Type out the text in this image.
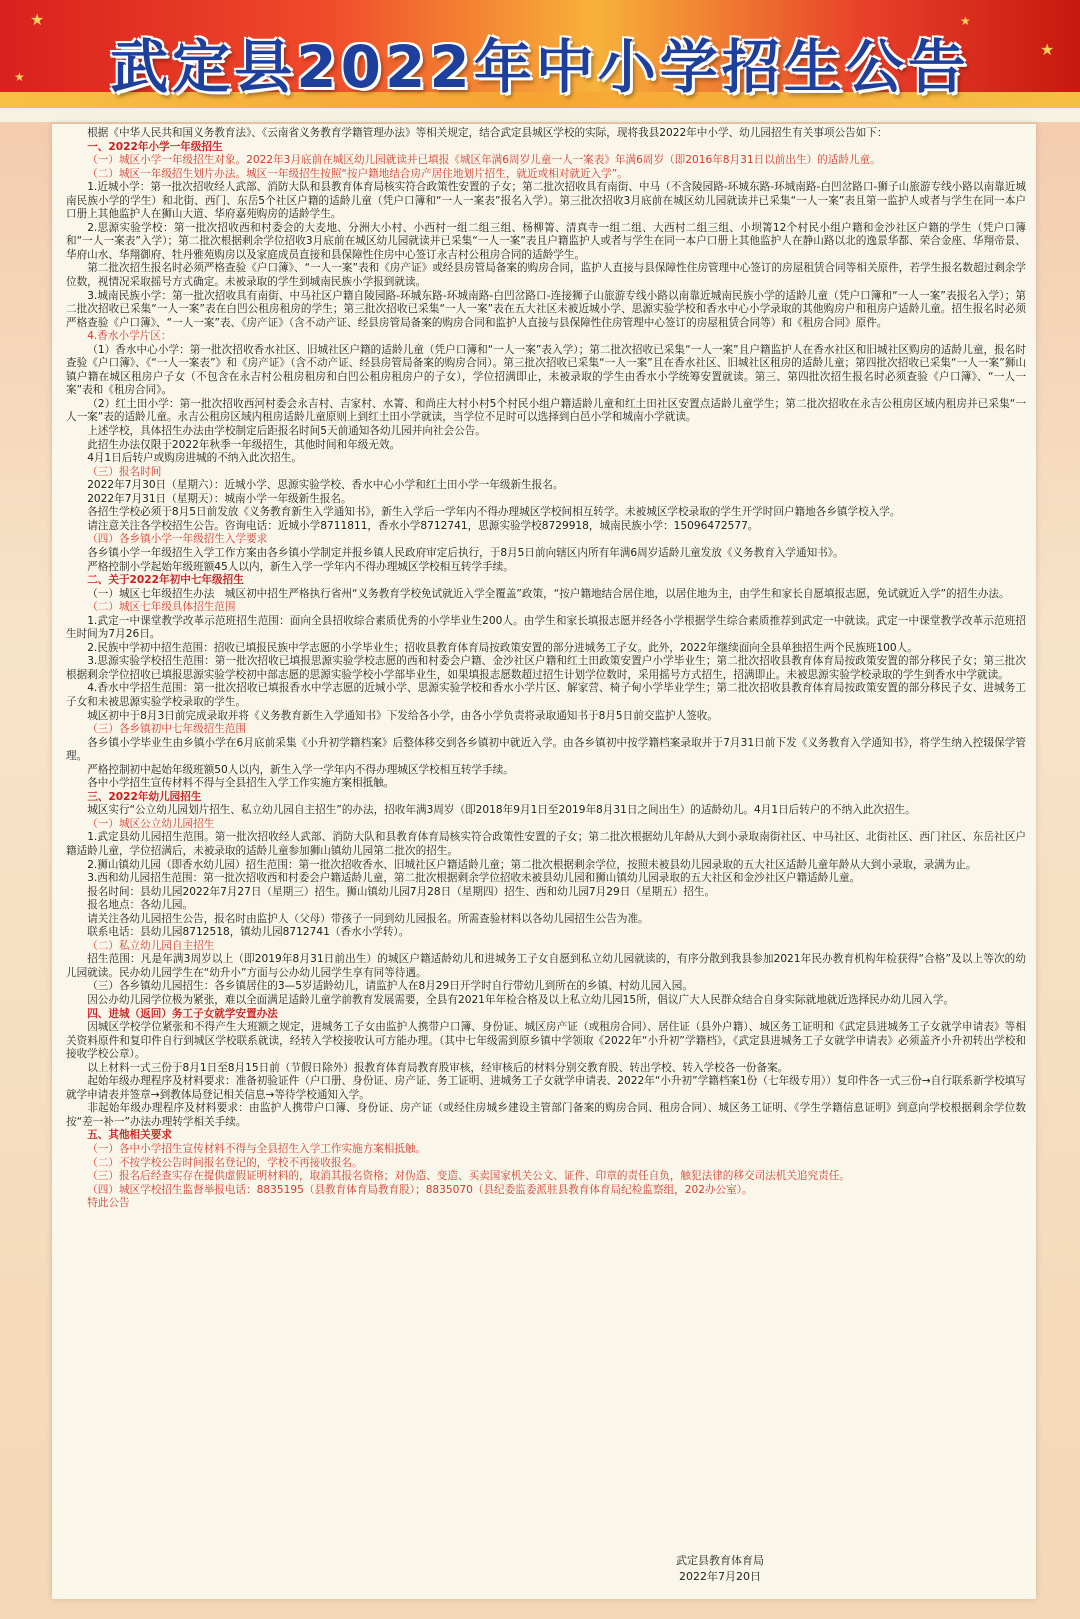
★	★
★
★	武定县2022年中小学招生公告

根据《中华人民共和国义务教育法》、《云南省义务教育学籍管理办法》等相关规定，结合武定县城区学校的实际，现将我县2022年中小学、幼儿园招生有关事项公告如下：

一、2022年小学一年级招生

（一）城区小学一年级招生对象。2022年3月底前在城区幼儿园就读并已填报《城区年满6周岁儿童一人一案表》年满6周岁（即2016年8月31日以前出生）的适龄儿童。

（二）城区一年级招生划片办法。城区一年级招生按照“按户籍地结合房产居住地划片招生，就近或相对就近入学”。

1.近城小学：第一批次招收经人武部、消防大队和县教育体育局核实符合政策性安置的子女；第二批次招收具有南街、中马（不含陵园路-环城东路-环城南路-白凹岔路口-狮子山旅游专线小路以南靠近城南民族小学的学生）和北街、西门、东岳5个社区户籍的适龄儿童（凭户口簿和“一人一案表”报名入学）。第三批次招收3月底前在城区幼儿园就读并已采集“一人一案”表且第一监护人或者与学生在同一本户口册上其他监护人在狮山大道、华府嘉苑购房的适龄学生。

2.思源实验学校：第一批次招收西和村委会的大麦地、分洲大小村、小西村一组二组三组、杨柳箐、清真寺一组二组、大西村二组三组、小坝箐12个村民小组户籍和金沙社区户籍的学生（凭户口簿和“一人一案表”入学）；第二批次根据剩余学位招收3月底前在城区幼儿园就读并已采集“一人一案”表且户籍监护人或者与学生在同一本户口册上其他监护人在静山路以北的逸景华都、荣合金座、华翔帝景、华府山水、华翔御府、牡丹雅苑购房以及家庭成员直接和县保障性住房中心签订永吉村公租房合同的适龄学生。

第二批次招生报名时必须严格查验《户口簿》、“一人一案”表和《房产证》或经县房管局备案的购房合同，监护人直接与县保障性住房管理中心签订的房屋租赁合同等相关原件，若学生报名数超过剩余学位数，视情况采取摇号方式确定。未被录取的学生到城南民族小学报到就读。

3.城南民族小学：第一批次招收具有南街、中马社区户籍自陵园路-环城东路-环城南路-白凹岔路口-连接狮子山旅游专线小路以南靠近城南民族小学的适龄儿童（凭户口簿和“一人一案”表报名入学）；第二批次招收已采集“一人一案”表在白凹公租房租房的学生；第三批次招收已采集“一人一案”表在五大社区未被近城小学、思源实验学校和香水中心小学录取的其他购房户和租房户适龄儿童。招生报名时必须严格查验《户口簿》、“一人一案”表、《房产证》（含不动产证、经县房管局备案的购房合同和监护人直接与县保障性住房管理中心签订的房屋租赁合同等）和《租房合同》原件。

4.香水小学片区：

（1）香水中心小学：第一批次招收香水社区、旧城社区户籍的适龄儿童（凭户口簿和“一人一案”表入学）；第二批次招收已采集“一人一案”且户籍监护人在香水社区和旧城社区购房的适龄儿童，报名时查验《户口簿》、《“一人一案表”》和《房产证》（含不动产证、经县房管局备案的购房合同）。第三批次招收已采集“一人一案”且在香水社区、旧城社区租房的适龄儿童；第四批次招收已采集“一人一案”狮山镇户籍在城区租房户子女（不包含在永吉村公租房租房和白凹公租房租房户的子女），学位招满即止，未被录取的学生由香水小学统筹安置就读。第三、第四批次招生报名时必须查验《户口簿》、“一人一案”表和《租房合同》。

（2）红土田小学：第一批次招收西河村委会永吉村、吉家村、水箐、和尚庄大村小村5个村民小组户籍适龄儿童和红土田社区安置点适龄儿童学生；第二批次招收在永吉公租房区域内租房并已采集“一人一案”表的适龄儿童。永吉公租房区域内租房适龄儿童原则上到红土田小学就读，当学位不足时可以选择到白邑小学和城南小学就读。

上述学校，具体招生办法由学校制定后距报名时间5天前通知各幼儿园并向社会公告。

此招生办法仅限于2022年秋季一年级招生，其他时间和年级无效。

4月1日后转户或购房进城的不纳入此次招生。

（三）报名时间

2022年7月30日（星期六）：近城小学、思源实验学校、香水中心小学和红土田小学一年级新生报名。

2022年7月31日（星期天）：城南小学一年级新生报名。

各招生学校必须于8月5日前发放《义务教育新生入学通知书》，新生入学后一学年内不得办理城区学校间相互转学。未被城区学校录取的学生开学时回户籍地各乡镇学校入学。

请注意关注各学校招生公告。咨询电话：近城小学8711811，香水小学8712741，思源实验学校8729918，城南民族小学：15096472577。

（四）各乡镇小学一年级招生入学要求

各乡镇小学一年级招生入学工作方案由各乡镇小学制定并报乡镇人民政府审定后执行，于8月5日前向辖区内所有年满6周岁适龄儿童发放《义务教育入学通知书》。

严格控制小学起始年级班额45人以内，新生入学一学年内不得办理城区学校相互转学手续。

二、关于2022年初中七年级招生

（一）城区七年级招生办法　城区初中招生严格执行省州“义务教育学校免试就近入学全覆盖”政策，“按户籍地结合居住地，以居住地为主，由学生和家长自愿填报志愿，免试就近入学”的招生办法。

（二）城区七年级具体招生范围

1.武定一中课堂教学改革示范班招生范围：面向全县招收综合素质优秀的小学毕业生200人。由学生和家长填报志愿并经各小学根据学生综合素质推荐到武定一中就读。武定一中课堂教学改革示范班招生时间为7月26日。

2.民族中学初中招生范围：招收已填报民族中学志愿的小学毕业生；招收县教育体育局按政策安置的部分进城务工子女。此外，2022年继续面向全县单独招生两个民族班100人。

3.思源实验学校招生范围：第一批次招收已填报思源实验学校志愿的西和村委会户籍、金沙社区户籍和红土田政策安置户小学毕业生；第二批次招收县教育体育局按政策安置的部分移民子女；第三批次根据剩余学位招收已填报思源实验学校初中部志愿的思源实验学校小学部毕业生，如果填报志愿数超过招生计划学位数时，采用摇号方式招生，招满即止。未被思源实验学校录取的学生到香水中学就读。

4.香水中学招生范围：第一批次招收已填报香水中学志愿的近城小学、思源实验学校和香水小学片区、解家营、椅子甸小学毕业学生；第二批次招收县教育体育局按政策安置的部分移民子女、进城务工子女和未被思源实验学校录取的学生。

城区初中于8月3日前完成录取并将《义务教育新生入学通知书》下发给各小学，由各小学负责将录取通知书于8月5日前交监护人签收。

（三）各乡镇初中七年级招生范围

各乡镇小学毕业生由乡镇小学在6月底前采集《小升初学籍档案》后整体移交到各乡镇初中就近入学。由各乡镇初中按学籍档案录取并于7月31日前下发《义务教育入学通知书》，将学生纳入控辍保学管理。

严格控制初中起始年级班额50人以内，新生入学一学年内不得办理城区学校相互转学手续。

各中小学招生宣传材料不得与全县招生入学工作实施方案相抵触。

三、2022年幼儿园招生

城区实行“公立幼儿园划片招生、私立幼儿园自主招生”的办法，招收年满3周岁（即2018年9月1日至2019年8月31日之间出生）的适龄幼儿。4月1日后转户的不纳入此次招生。

（一）城区公立幼儿园招生

1.武定县幼儿园招生范围。第一批次招收经人武部、消防大队和县教育体育局核实符合政策性安置的子女；第二批次根据幼儿年龄从大到小录取南街社区、中马社区、北街社区、西门社区、东岳社区户籍适龄儿童，学位招满后，未被录取的适龄儿童参加狮山镇幼儿园第二批次的招生。

2.狮山镇幼儿园（即香水幼儿园）招生范围：第一批次招收香水、旧城社区户籍适龄儿童；第二批次根据剩余学位，按照未被县幼儿园录取的五大社区适龄儿童年龄从大到小录取，录满为止。

3.西和幼儿园招生范围：第一批次招收西和村委会户籍适龄儿童，第二批次根据剩余学位招收未被县幼儿园和狮山镇幼儿园录取的五大社区和金沙社区户籍适龄儿童。

报名时间：县幼儿园2022年7月27日（星期三）招生。狮山镇幼儿园7月28日（星期四）招生、西和幼儿园7月29日（星期五）招生。

报名地点：各幼儿园。

请关注各幼儿园招生公告，报名时由监护人（父母）带孩子一同到幼儿园报名。所需查验材料以各幼儿园招生公告为准。

联系电话：县幼儿园8712518，镇幼儿园8712741（香水小学转）。

（二）私立幼儿园自主招生

招生范围：凡是年满3周岁以上（即2019年8月31日前出生）的城区户籍适龄幼儿和进城务工子女自愿到私立幼儿园就读的，有序分散到我县参加2021年民办教育机构年检获得“合格”及以上等次的幼儿园就读。民办幼儿园学生在“幼升小”方面与公办幼儿园学生享有同等待遇。

（三）各乡镇幼儿园招生：各乡镇居住的3—5岁适龄幼儿，请监护人在8月29日开学时自行带幼儿到所在的乡镇、村幼儿园入园。

因公办幼儿园学位极为紧张，难以全面满足适龄儿童学前教育发展需要，全县有2021年年检合格及以上私立幼儿园15所，倡议广大人民群众结合自身实际就地就近选择民办幼儿园入学。

四、进城（返回）务工子女就学安置办法

因城区学校学位紧张和不得产生大班额之规定，进城务工子女由监护人携带户口簿、身份证、城区房产证（或租房合同）、居住证（县外户籍）、城区务工证明和《武定县进城务工子女就学申请表》等相关资料原件和复印件自行到城区学校联系就读，经转入学校接收认可方能办理。（其中七年级需到原乡镇中学领取《2022年“小升初”学籍档》，《武定县进城务工子女就学申请表》必须盖齐小升初转出学校和接收学校公章）。

以上材料一式三份于8月1日至8月15日前（节假日除外）报教育体育局教育股审核，经审核后的材料分别交教育股、转出学校、转入学校各一份备案。

起始年级办理程序及材料要求：准备初验证件（户口册、身份证、房产证、务工证明、进城务工子女就学申请表、2022年“小升初”学籍档案1份（七年级专用））复印件各一式三份→自行联系新学校填写就学申请表并签章→到教体局登记相关信息→等待学校通知入学。

非起始年级办理程序及材料要求：由监护人携带户口簿、身份证、房产证（或经住房城乡建设主管部门备案的购房合同、租房合同）、城区务工证明、《学生学籍信息证明》到意向学校根据剩余学位数按“差一补一”办法办理转学相关手续。

五、其他相关要求

（一）各中小学招生宣传材料不得与全县招生入学工作实施方案相抵触。

（二）不按学校公告时间报名登记的，学校不再接收报名。

（三）报名后经查实存在提供虚假证明材料的，取消其报名资格；对伪造、变造、买卖国家机关公文、证件、印章的责任自负，触犯法律的移交司法机关追究责任。

（四）城区学校招生监督举报电话：8835195（县教育体育局教育股）；8835070（县纪委监委派驻县教育体育局纪检监察组，202办公室）。

特此公告

武定县教育体育局
2022年7月20日
